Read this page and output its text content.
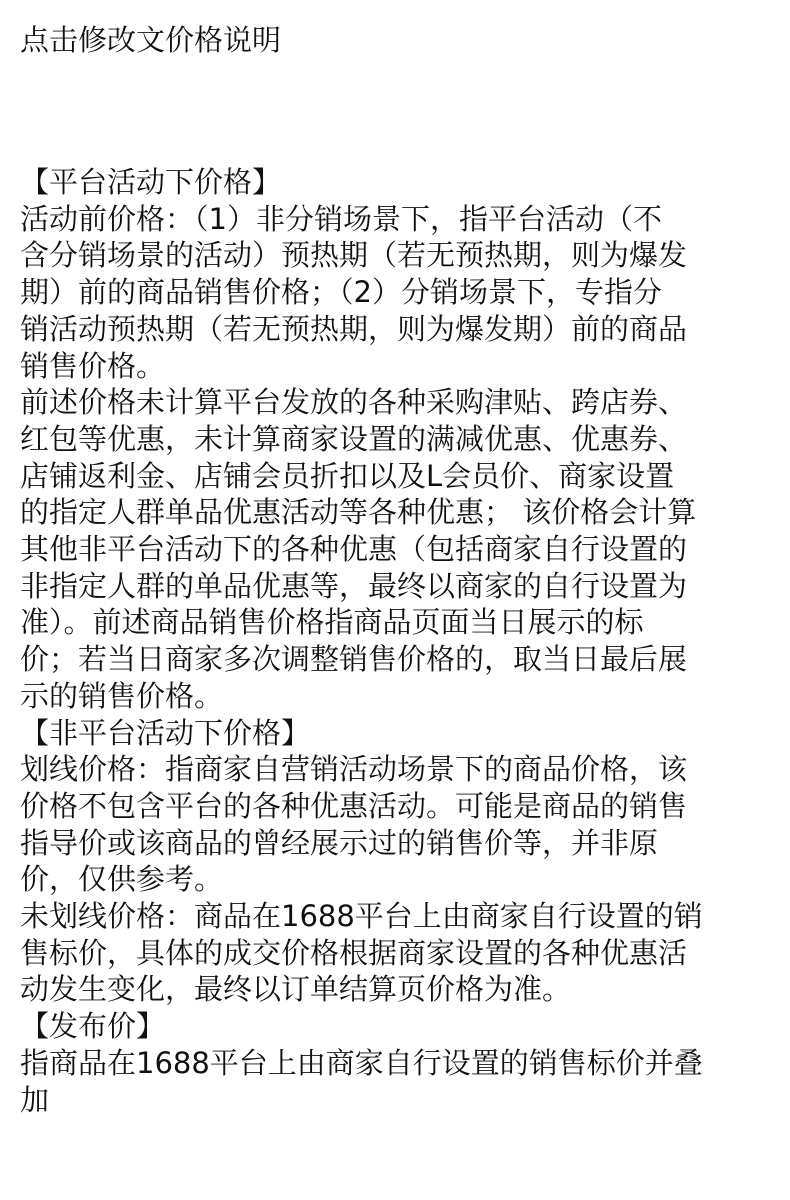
点击修改文价格说明
【平台活动下价格】
活动前价格：（1）非分销场景下，指平台活动（不
含分销场景的活动）预热期（若无预热期，则为爆发
期）前的商品销售价格；（2）分销场景下，专指分
销活动预热期（若无预热期，则为爆发期）前的商品
销售价格。
前述价格未计算平台发放的各种采购津贴、跨店券、
红包等优惠，未计算商家设置的满减优惠、优惠券、
店铺返利金、店铺会员折扣以及L会员价、商家设置
的指定人群单品优惠活动等各种优惠； 该价格会计算
其他非平台活动下的各种优惠（包括商家自行设置的
非指定人群的单品优惠等，最终以商家的自行设置为
准）。前述商品销售价格指商品页面当日展示的标
价；若当日商家多次调整销售价格的，取当日最后展
示的销售价格。
【非平台活动下价格】
划线价格：指商家自营销活动场景下的商品价格，该
价格不包含平台的各种优惠活动。可能是商品的销售
指导价或该商品的曾经展示过的销售价等，并非原
价，仅供参考。
未划线价格：商品在1688平台上由商家自行设置的销
售标价，具体的成交价格根据商家设置的各种优惠活
动发生变化，最终以订单结算页价格为准。
【发布价】
指商品在1688平台上由商家自行设置的销售标价并叠
加
